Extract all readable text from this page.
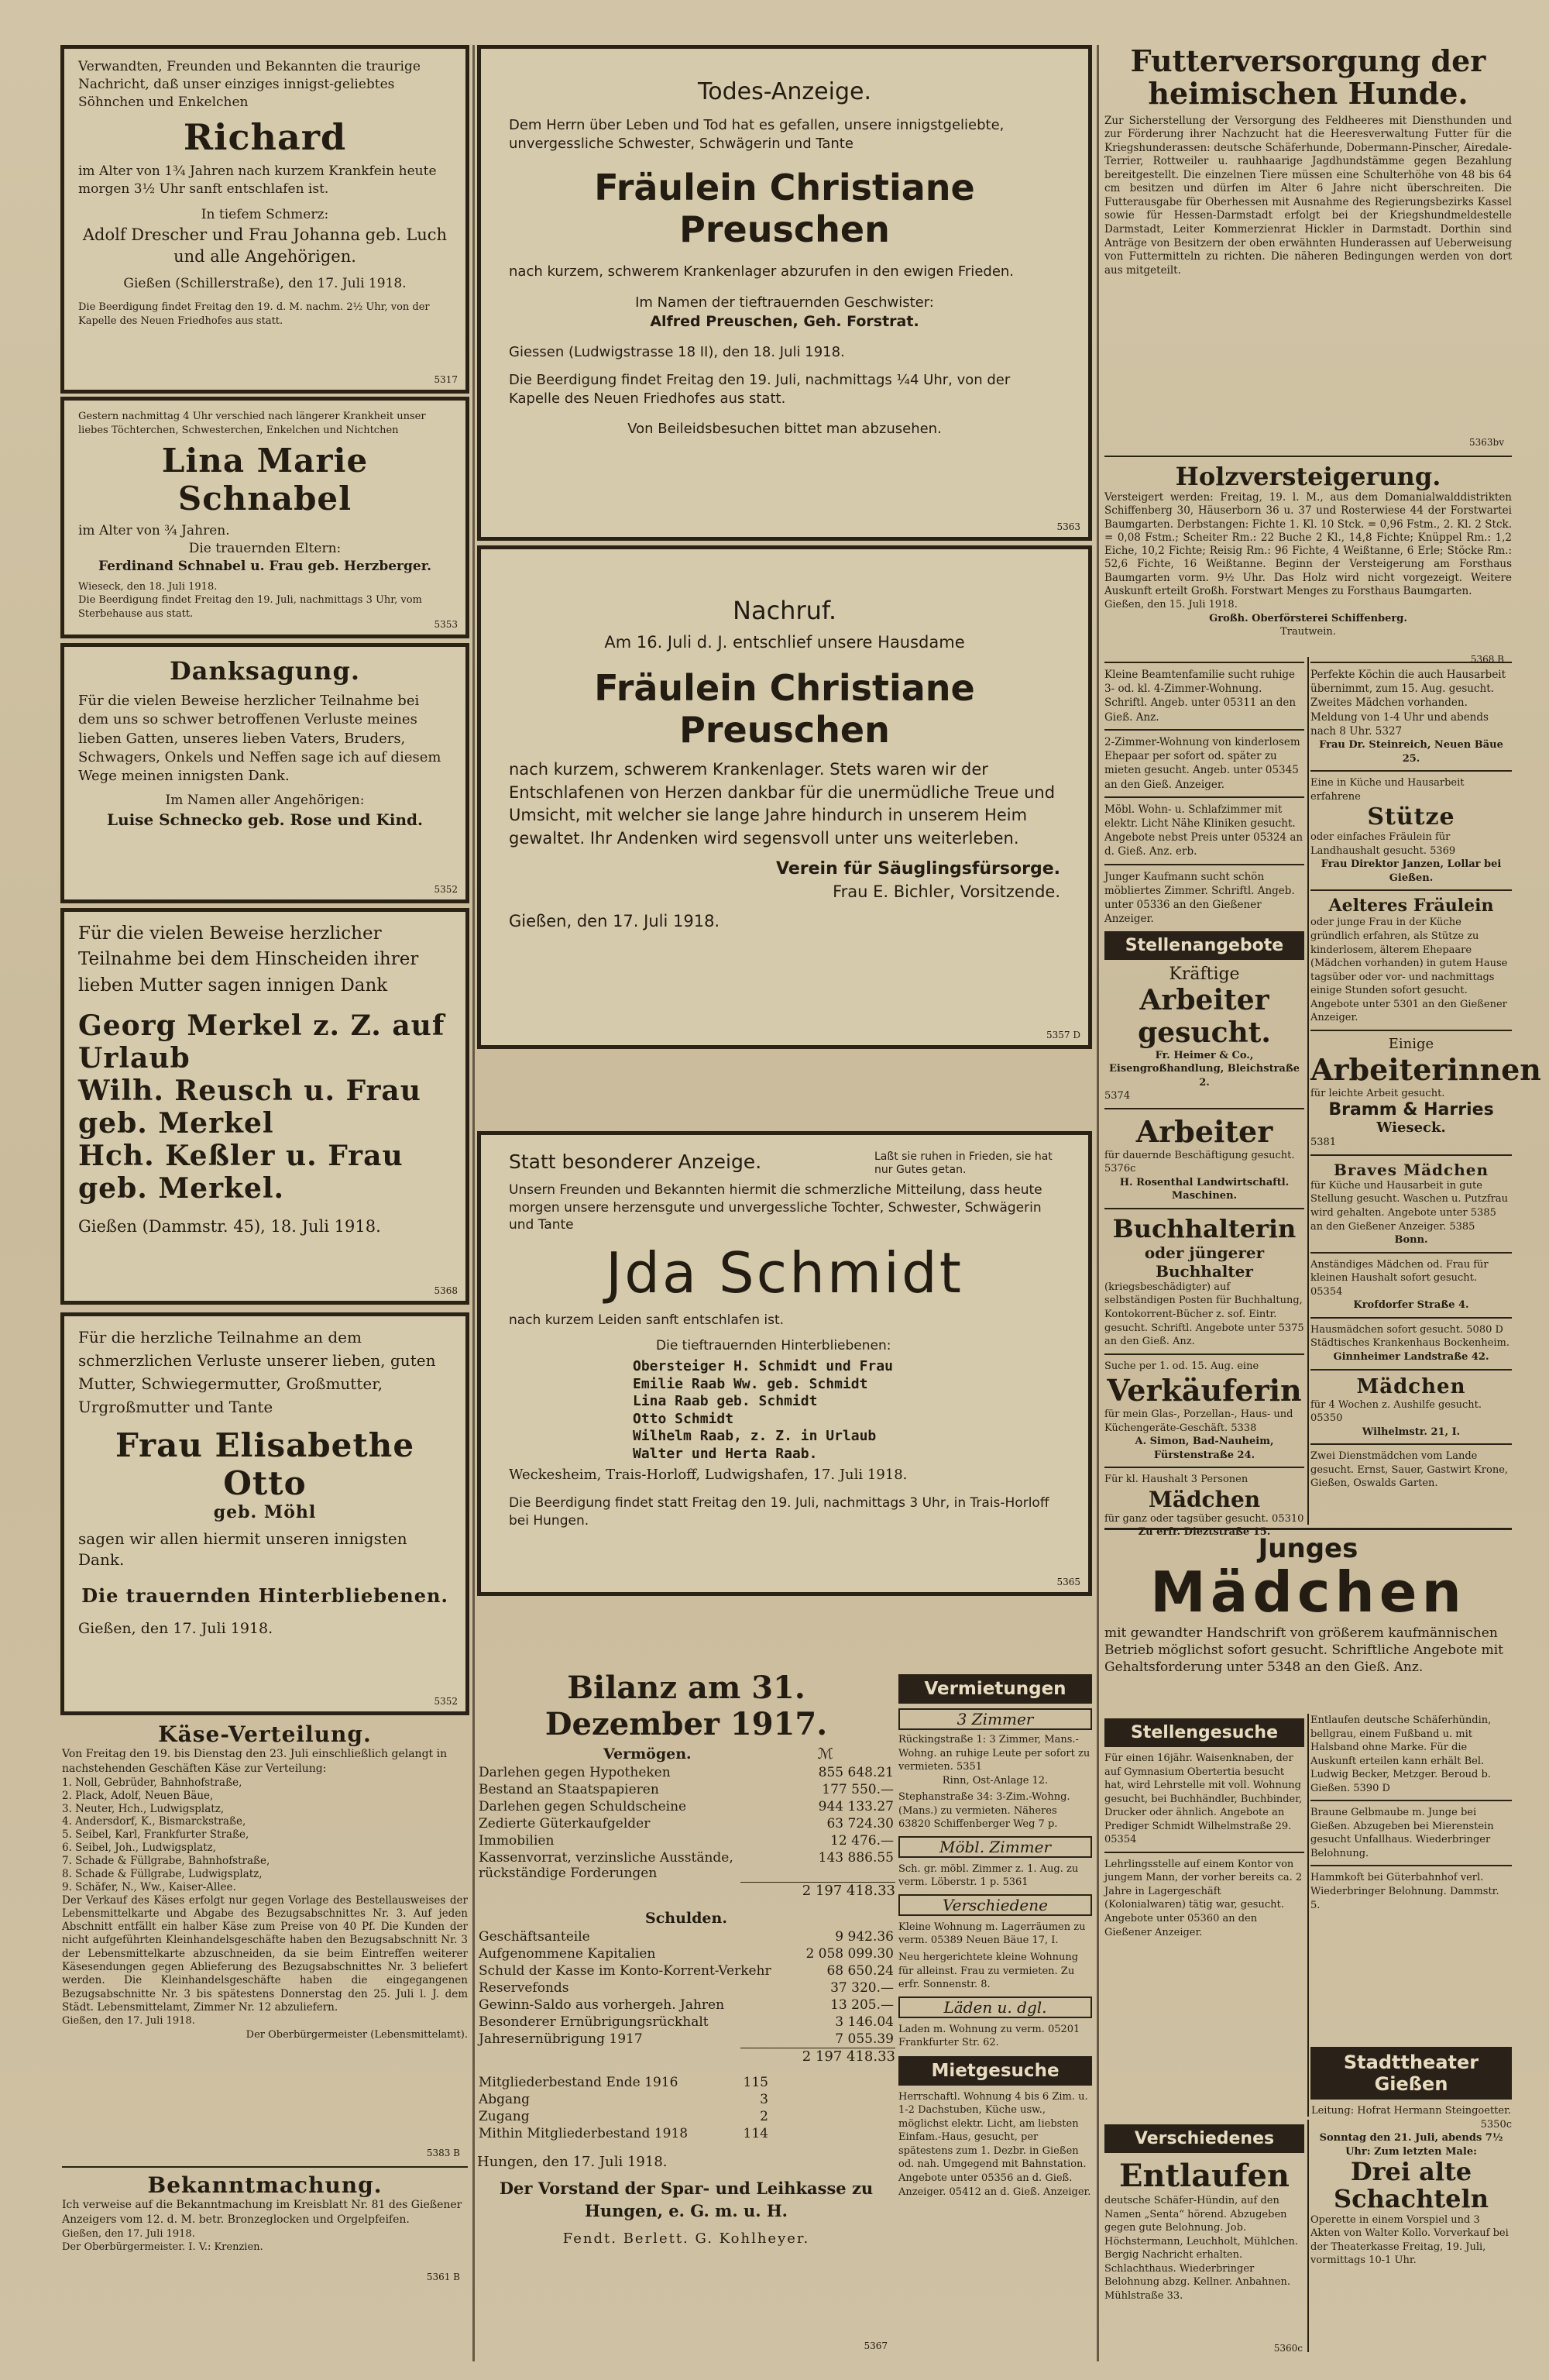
Verwandten, Freunden und Bekannten die traurige Nachricht, daß unser einziges innigst-geliebtes Söhnchen und Enkelchen

Richard

im Alter von 1¾ Jahren nach kurzem Krankfein heute morgen 3½ Uhr sanft entschlafen ist.

In tiefem Schmerz:

Adolf Drescher und Frau Johanna geb. Luch und alle Angehörigen.

Gießen (Schillerstraße), den 17. Juli 1918.

Die Beerdigung findet Freitag den 19. d. M. nachm. 2½ Uhr, von der Kapelle des Neuen Friedhofes aus statt.

5317

Gestern nachmittag 4 Uhr verschied nach längerer Krankheit unser liebes Töchterchen, Schwesterchen, Enkelchen und Nichtchen

Lina Marie Schnabel

im Alter von ¾ Jahren.

Die trauernden Eltern:

Ferdinand Schnabel u. Frau geb. Herzberger.

Wieseck, den 18. Juli 1918.

Die Beerdigung findet Freitag den 19. Juli, nachmittags 3 Uhr, vom Sterbehause aus statt.

5353
Danksagung.

Für die vielen Beweise herzlicher Teilnahme bei dem uns so schwer betroffenen Verluste meines lieben Gatten, unseres lieben Vaters, Bruders, Schwagers, Onkels und Neffen sage ich auf diesem Wege meinen innigsten Dank.

Im Namen aller Angehörigen:

Luise Schnecko geb. Rose und Kind.

5352

Für die vielen Beweise herzlicher Teilnahme bei dem Hinscheiden ihrer lieben Mutter sagen innigen Dank

Georg Merkel z. Z. auf Urlaub
Wilh. Reusch u. Frau geb. Merkel
Hch. Keßler u. Frau geb. Merkel.

Gießen (Dammstr. 45), 18. Juli 1918.

5368

Für die herzliche Teilnahme an dem schmerzlichen Verluste unserer lieben, guten Mutter, Schwiegermutter, Großmutter, Urgroßmutter und Tante

Frau Elisabethe Otto
geb. Möhl

sagen wir allen hiermit unseren innigsten Dank.

Die trauernden Hinterbliebenen.

Gießen, den 17. Juli 1918.

5352
Käse-Verteilung.

Von Freitag den 19. bis Dienstag den 23. Juli einschließlich gelangt in nachstehenden Geschäften Käse zur Verteilung:

1. Noll, Gebrüder, Bahnhofstraße,

2. Plack, Adolf, Neuen Bäue,

3. Neuter, Hch., Ludwigsplatz,

4. Andersdorf, K., Bismarckstraße,

5. Seibel, Karl, Frankfurter Straße,

6. Seibel, Joh., Ludwigsplatz,

7. Schade & Füllgrabe, Bahnhofstraße,

8. Schade & Füllgrabe, Ludwigsplatz,

9. Schäfer, N., Ww., Kaiser-Allee.

Der Verkauf des Käses erfolgt nur gegen Vorlage des Bestellausweises der Lebensmittelkarte und Abgabe des Bezugsabschnittes Nr. 3. Auf jeden Abschnitt entfällt ein halber Käse zum Preise von 40 Pf. Die Kunden der nicht aufgeführten Kleinhandelsgeschäfte haben den Bezugsabschnitt Nr. 3 der Lebensmittelkarte abzuschneiden, da sie beim Eintreffen weiterer Käsesendungen gegen Ablieferung des Bezugsabschnittes Nr. 3 beliefert werden. Die Kleinhandelsgeschäfte haben die eingegangenen Bezugsabschnitte Nr. 3 bis spätestens Donnerstag den 25. Juli l. J. dem Städt. Lebensmittelamt, Zimmer Nr. 12 abzuliefern.

Gießen, den 17. Juli 1918.

Der Oberbürgermeister (Lebensmittelamt).

5383 B
Bekanntmachung.

Ich verweise auf die Bekanntmachung im Kreisblatt Nr. 81 des Gießener Anzeigers vom 12. d. M. betr. Bronzeglocken und Orgelpfeifen.

Gießen, den 17. Juli 1918.

Der Oberbürgermeister. I. V.: Krenzien.

5361 B
Todes-Anzeige.

Dem Herrn über Leben und Tod hat es gefallen, unsere innigstgeliebte, unvergessliche Schwester, Schwägerin und Tante

Fräulein Christiane Preuschen

nach kurzem, schwerem Krankenlager abzurufen in den ewigen Frieden.

Im Namen der tieftrauernden Geschwister:

Alfred Preuschen, Geh. Forstrat.

Giessen (Ludwigstrasse 18 II), den 18. Juli 1918.

Die Beerdigung findet Freitag den 19. Juli, nachmittags ¼4 Uhr, von der Kapelle des Neuen Friedhofes aus statt.

Von Beileidsbesuchen bittet man abzusehen.

5363
Nachruf.

Am 16. Juli d. J. entschlief unsere Hausdame

Fräulein Christiane Preuschen

nach kurzem, schwerem Krankenlager. Stets waren wir der Entschlafenen von Herzen dankbar für die unermüdliche Treue und Umsicht, mit welcher sie lange Jahre hindurch in unserem Heim gewaltet. Ihr Andenken wird segensvoll unter uns weiterleben.

Verein für Säuglingsfürsorge.

Frau E. Bichler, Vorsitzende.

Gießen, den 17. Juli 1918.

5357 D
Statt besonderer Anzeige.	Laßt sie ruhen in Frieden, sie hat nur Gutes getan.

Unsern Freunden und Bekannten hiermit die schmerzliche Mitteilung, dass heute morgen unsere herzensgute und unvergessliche Tochter, Schwester, Schwägerin und Tante

Jda Schmidt

nach kurzem Leiden sanft entschlafen ist.

Die tieftrauernden Hinterbliebenen:

Obersteiger H. Schmidt und Frau

Emilie Raab Ww. geb. Schmidt

Lina Raab geb. Schmidt

Otto Schmidt

Wilhelm Raab, z. Z. in Urlaub

Walter und Herta Raab.

Weckesheim, Trais-Horloff, Ludwigshafen, 17. Juli 1918.

Die Beerdigung findet statt Freitag den 19. Juli, nachmittags 3 Uhr, in Trais-Horloff bei Hungen.

5365
Bilanz am 31. Dezember 1917.
Vermögen.	ℳ
Darlehen gegen Hypotheken	855 648.21
Bestand an Staatspapieren	177 550.—
Darlehen gegen Schuldscheine	944 133.27
Zedierte Güterkaufgelder	63 724.30
Immobilien	12 476.—
Kassenvorrat, verzinsliche Ausstände, rückständige Forderungen	143 886.55
2 197 418.33
Schulden.
Geschäftsanteile	9 942.36
Aufgenommene Kapitalien	2 058 099.30
Schuld der Kasse im Konto-Korrent-Verkehr	68 650.24
Reservefonds	37 320.—
Gewinn-Saldo aus vorhergeh. Jahren	13 205.—
Besonderer Ernübrigungsrückhalt	3 146.04
Jahresernübrigung 1917	7 055.39
2 197 418.33
Mitgliederbestand Ende 1916	115
Abgang	3
Zugang	2
Mithin Mitgliederbestand 1918	114

Hungen, den 17. Juli 1918.

Der Vorstand der Spar- und Leihkasse zu Hungen, e. G. m. u. H.

Fendt. Berlett. G. Kohlheyer.

5367
Vermietungen
3 Zimmer

Rückingstraße 1: 3 Zimmer, Mans.-Wohng. an ruhige Leute per sofort zu vermieten. 5351

Rinn, Ost-Anlage 12.

Stephanstraße 34: 3-Zim.-Wohng. (Mans.) zu vermieten. Näheres 63820 Schiffenberger Weg 7 p.

Möbl. Zimmer

Sch. gr. möbl. Zimmer z. 1. Aug. zu verm. Löberstr. 1 p. 5361

Verschiedene

Kleine Wohnung m. Lagerräumen zu verm. 05389 Neuen Bäue 17, I.

Neu hergerichtete kleine Wohnung für alleinst. Frau zu vermieten. Zu erfr. Sonnenstr. 8.

Läden u. dgl.

Laden m. Wohnung zu verm. 05201 Frankfurter Str. 62.

Mietgesuche

Herrschaftl. Wohnung 4 bis 6 Zim. u. 1-2 Dachstuben, Küche usw., möglichst elektr. Licht, am liebsten Einfam.-Haus, gesucht, per spätestens zum 1. Dezbr. in Gießen od. nah. Umgegend mit Bahnstation. Angebote unter 05356 an d. Gieß. Anzeiger. 05412 an d. Gieß. Anzeiger.

Futterversorgung der heimischen Hunde.

Zur Sicherstellung der Versorgung des Feldheeres mit Diensthunden und zur Förderung ihrer Nachzucht hat die Heeresverwaltung Futter für die Kriegshunderassen: deutsche Schäferhunde, Dobermann-Pinscher, Airedale-Terrier, Rottweiler u. rauhhaarige Jagdhundstämme gegen Bezahlung bereitgestellt. Die einzelnen Tiere müssen eine Schulterhöhe von 48 bis 64 cm besitzen und dürfen im Alter 6 Jahre nicht überschreiten. Die Futterausgabe für Oberhessen mit Ausnahme des Regierungsbezirks Kassel sowie für Hessen-Darmstadt erfolgt bei der Kriegshundmeldestelle Darmstadt, Leiter Kommerzienrat Hickler in Darmstadt. Dorthin sind Anträge von Besitzern der oben erwähnten Hunderassen auf Ueberweisung von Futtermitteln zu richten. Die näheren Bedingungen werden von dort aus mitgeteilt.

5363bv
Holzversteigerung.

Versteigert werden: Freitag, 19. l. M., aus dem Domanialwalddistrikten Schiffenberg 30, Häuserborn 36 u. 37 und Rosterwiese 44 der Forstwartei Baumgarten. Derbstangen: Fichte 1. Kl. 10 Stck. = 0,96 Fstm., 2. Kl. 2 Stck. = 0,08 Fstm.; Scheiter Rm.: 22 Buche 2 Kl., 14,8 Fichte; Knüppel Rm.: 1,2 Eiche, 10,2 Fichte; Reisig Rm.: 96 Fichte, 4 Weißtanne, 6 Erle; Stöcke Rm.: 52,6 Fichte, 16 Weißtanne. Beginn der Versteigerung am Forsthaus Baumgarten vorm. 9½ Uhr. Das Holz wird nicht vorgezeigt. Weitere Auskunft erteilt Großh. Forstwart Menges zu Forsthaus Baumgarten.

Gießen, den 15. Juli 1918.

Großh. Oberförsterei Schiffenberg.

Trautwein.

5368 B

Kleine Beamtenfamilie sucht ruhige 3- od. kl. 4-Zimmer-Wohnung. Schriftl. Angeb. unter 05311 an den Gieß. Anz.

2-Zimmer-Wohnung von kinderlosem Ehepaar per sofort od. später zu mieten gesucht. Angeb. unter 05345 an den Gieß. Anzeiger.

Möbl. Wohn- u. Schlafzimmer mit elektr. Licht Nähe Kliniken gesucht. Angebote nebst Preis unter 05324 an d. Gieß. Anz. erb.

Junger Kaufmann sucht schön möbliertes Zimmer. Schriftl. Angeb. unter 05336 an den Gießener Anzeiger.

Stellenangebote
Kräftige
Arbeiter gesucht.

Fr. Heimer & Co., Eisengroßhandlung, Bleichstraße 2.

5374

Arbeiter

für dauernde Beschäftigung gesucht. 5376c

H. Rosenthal Landwirtschaftl. Maschinen.

Buchhalterin
oder jüngerer Buchhalter

(kriegsbeschädigter) auf selbständigen Posten für Buchhaltung, Kontokorrent-Bücher z. sof. Eintr. gesucht. Schriftl. Angebote unter 5375 an den Gieß. Anz.

Suche per 1. od. 15. Aug. eine

Verkäuferin

für mein Glas-, Porzellan-, Haus- und Küchengeräte-Geschäft. 5338

A. Simon, Bad-Nauheim, Fürstenstraße 24.

Für kl. Haushalt 3 Personen

Mädchen

für ganz oder tagsüber gesucht. 05310

Zu erfr. Dieztstraße 15.

Perfekte Köchin die auch Hausarbeit übernimmt, zum 15. Aug. gesucht. Zweites Mädchen vorhanden. Meldung von 1-4 Uhr und abends nach 8 Uhr. 5327

Frau Dr. Steinreich, Neuen Bäue 25.

Eine in Küche und Hausarbeit erfahrene

Stütze

oder einfaches Fräulein für Landhaushalt gesucht. 5369

Frau Direktor Janzen, Lollar bei Gießen.

Aelteres Fräulein

oder junge Frau in der Küche gründlich erfahren, als Stütze zu kinderlosem, älterem Ehepaare (Mädchen vorhanden) in gutem Hause tagsüber oder vor- und nachmittags einige Stunden sofort gesucht. Angebote unter 5301 an den Gießener Anzeiger.

Einige
Arbeiterinnen

für leichte Arbeit gesucht.

Bramm & Harries
Wieseck.

5381

Braves Mädchen

für Küche und Hausarbeit in gute Stellung gesucht. Waschen u. Putzfrau wird gehalten. Angebote unter 5385 an den Gießener Anzeiger. 5385

Bonn.

Anständiges Mädchen od. Frau für kleinen Haushalt sofort gesucht. 05354

Krofdorfer Straße 4.

Hausmädchen sofort gesucht. 5080 D Städtisches Krankenhaus Bockenheim.

Ginnheimer Landstraße 42.

Mädchen

für 4 Wochen z. Aushilfe gesucht. 05350

Wilhelmstr. 21, I.

Zwei Dienstmädchen vom Lande gesucht. Ernst, Sauer, Gastwirt Krone, Gießen, Oswalds Garten.

Junges
Mädchen

mit gewandter Handschrift von größerem kaufmännischen Betrieb möglichst sofort gesucht. Schriftliche Angebote mit Gehaltsforderung unter 5348 an den Gieß. Anz.

Stellengesuche

Für einen 16jähr. Waisenknaben, der auf Gymnasium Obertertia besucht hat, wird Lehrstelle mit voll. Wohnung gesucht, bei Buchhändler, Buchbinder, Drucker oder ähnlich. Angebote an Prediger Schmidt Wilhelmstraße 29. 05354

Lehrlingsstelle auf einem Kontor von jungem Mann, der vorher bereits ca. 2 Jahre in Lagergeschäft (Kolonialwaren) tätig war, gesucht. Angebote unter 05360 an den Gießener Anzeiger.

Entlaufen deutsche Schäferhündin, bellgrau, einem Fußband u. mit Halsband ohne Marke. Für die Auskunft erteilen kann erhält Bel. Ludwig Becker, Metzger. Beroud b. Gießen. 5390 D

Braune Gelbmaube m. Junge bei Gießen. Abzugeben bei Mierenstein gesucht Unfallhaus. Wiederbringer Belohnung.

Hammkoft bei Güterbahnhof verl. Wiederbringer Belohnung. Dammstr. 5.

Verschiedenes
Entlaufen

deutsche Schäfer-Hündin, auf den Namen „Senta“ hörend. Abzugeben gegen gute Belohnung. Job. Höchstermann, Leuchholt, Mühlchen. Bergig Nachricht erhalten. Schlachthaus. Wiederbringer Belohnung abzg. Kellner. Anbahnen. Mühlstraße 33.

5360c
Stadttheater Gießen

Leitung: Hofrat Hermann Steingoetter.

5350c

Sonntag den 21. Juli, abends 7½ Uhr: Zum letzten Male:

Drei alte Schachteln

Operette in einem Vorspiel und 3 Akten von Walter Kollo. Vorverkauf bei der Theaterkasse Freitag, 19. Juli, vormittags 10-1 Uhr.
